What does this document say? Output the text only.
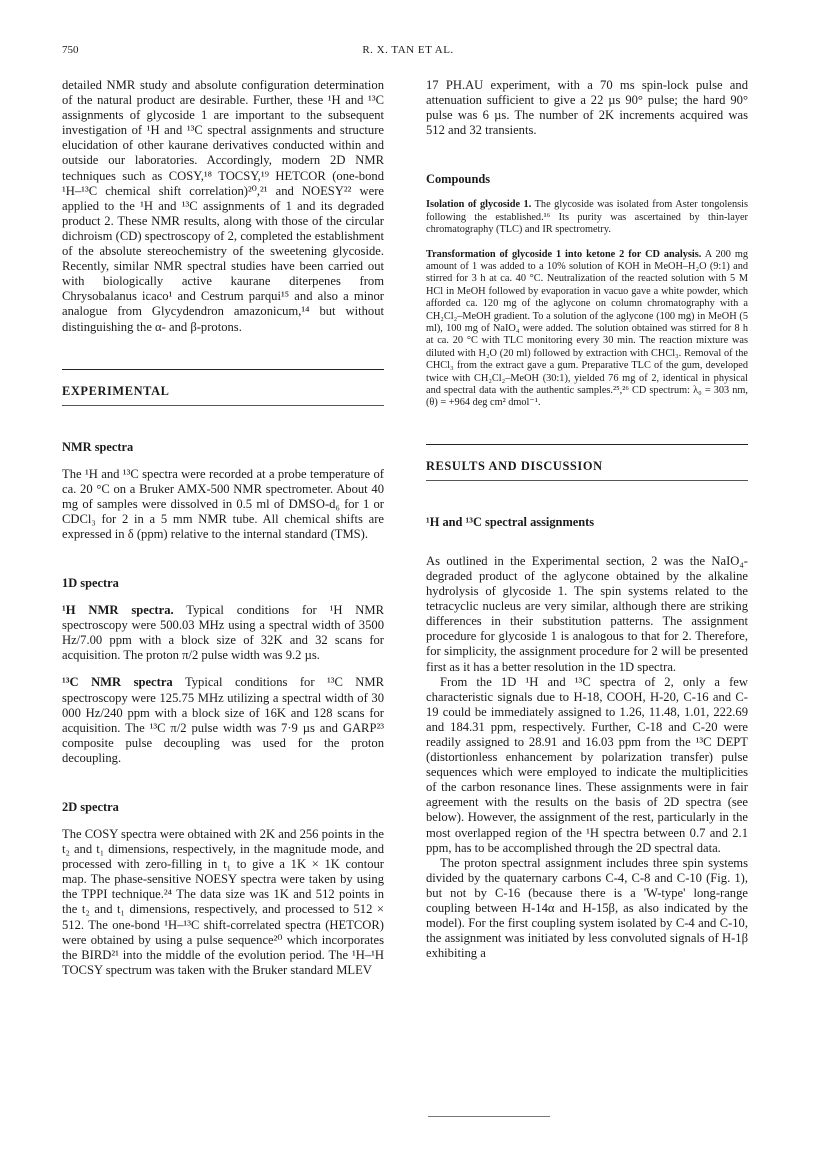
750	R. X. TAN ET AL.

detailed NMR study and absolute configuration determination of the natural product are desirable. Further, these ¹H and ¹³C assignments of glycoside 1 are important to the subsequent investigation of ¹H and ¹³C spectral assignments and structure elucidation of other kaurane derivatives conducted within and outside our laboratories. Accordingly, modern 2D NMR techniques such as COSY,¹⁸ TOCSY,¹⁹ HETCOR (one-bond ¹H–¹³C chemical shift correlation)²⁰,²¹ and NOESY²² were applied to the ¹H and ¹³C assignments of 1 and its degraded product 2. These NMR results, along with those of the circular dichroism (CD) spectroscopy of 2, completed the establishment of the absolute stereochemistry of the sweetening glycoside. Recently, similar NMR spectral studies have been carried out with biologically active kaurane diterpenes from Chrysobalanus icaco¹ and Cestrum parqui¹⁵ and also a minor analogue from Glycydendron amazonicum,¹⁴ but without distinguishing the α- and β-protons.

EXPERIMENTAL
NMR spectra

The ¹H and ¹³C spectra were recorded at a probe temperature of ca. 20 °C on a Bruker AMX-500 NMR spectrometer. About 40 mg of samples were dissolved in 0.5 ml of DMSO-d₆ for 1 or CDCl₃ for 2 in a 5 mm NMR tube. All chemical shifts are expressed in δ (ppm) relative to the internal standard (TMS).

1D spectra

¹H NMR spectra. Typical conditions for ¹H NMR spectroscopy were 500.03 MHz using a spectral width of 3500 Hz/7.00 ppm with a block size of 32K and 32 scans for acquisition. The proton π/2 pulse width was 9.2 µs.

¹³C NMR spectra Typical conditions for ¹³C NMR spectroscopy were 125.75 MHz utilizing a spectral width of 30 000 Hz/240 ppm with a block size of 16K and 128 scans for acquisition. The ¹³C π/2 pulse width was 7·9 µs and GARP²³ composite pulse decoupling was used for the proton decoupling.

2D spectra

The COSY spectra were obtained with 2K and 256 points in the t₂ and t₁ dimensions, respectively, in the magnitude mode, and processed with zero-filling in t₁ to give a 1K × 1K contour map. The phase-sensitive NOESY spectra were taken by using the TPPI technique.²⁴ The data size was 1K and 512 points in the t₂ and t₁ dimensions, respectively, and processed to 512 × 512. The one-bond ¹H–¹³C shift-correlated spectra (HETCOR) were obtained by using a pulse sequence²⁰ which incorporates the BIRD²¹ into the middle of the evolution period. The ¹H–¹H TOCSY spectrum was taken with the Bruker standard MLEV

17 PH.AU experiment, with a 70 ms spin-lock pulse and attenuation sufficient to give a 22 µs 90° pulse; the hard 90° pulse was 6 µs. The number of 2K increments acquired was 512 and 32 transients.

Compounds

Isolation of glycoside 1. The glycoside was isolated from Aster tongolensis following the established.¹⁶ Its purity was ascertained by thin-layer chromatography (TLC) and IR spectrometry.

Transformation of glycoside 1 into ketone 2 for CD analysis. A 200 mg amount of 1 was added to a 10% solution of KOH in MeOH–H₂O (9:1) and stirred for 3 h at ca. 40 °C. Neutralization of the reacted solution with 5 M HCl in MeOH followed by evaporation in vacuo gave a white powder, which afforded ca. 120 mg of the aglycone on column chromatography with a CH₂Cl₂–MeOH gradient. To a solution of the aglycone (100 mg) in MeOH (5 ml), 100 mg of NaIO₄ were added. The solution obtained was stirred for 8 h at ca. 20 °C with TLC monitoring every 30 min. The reaction mixture was diluted with H₂O (20 ml) followed by extraction with CHCl₃. Removal of the CHCl₃ from the extract gave a gum. Preparative TLC of the gum, developed twice with CH₂Cl₂–MeOH (30:1), yielded 76 mg of 2, identical in physical and spectral data with the authentic samples.²⁵,²⁶ CD spectrum: λ₀ = 303 nm, (θ) = +964 deg cm² dmol⁻¹.

RESULTS AND DISCUSSION
¹H and ¹³C spectral assignments

As outlined in the Experimental section, 2 was the NaIO₄-degraded product of the aglycone obtained by the alkaline hydrolysis of glycoside 1. The spin systems related to the tetracyclic nucleus are very similar, although there are striking differences in their substitution patterns. The assignment procedure for glycoside 1 is analogous to that for 2. Therefore, for simplicity, the assignment procedure for 2 will be presented first as it has a better resolution in the 1D spectra.

From the 1D ¹H and ¹³C spectra of 2, only a few characteristic signals due to H-18, COOH, H-20, C-16 and C-19 could be immediately assigned to 1.26, 11.48, 1.01, 222.69 and 184.31 ppm, respectively. Further, C-18 and C-20 were readily assigned to 28.91 and 16.03 ppm from the ¹³C DEPT (distortionless enhancement by polarization transfer) pulse sequences which were employed to indicate the multiplicities of the carbon resonance lines. These assignments were in fair agreement with the results on the basis of 2D spectra (see below). However, the assignment of the rest, particularly in the most overlapped region of the ¹H spectra between 0.7 and 2.1 ppm, has to be accomplished through the 2D spectral data.

The proton spectral assignment includes three spin systems divided by the quaternary carbons C-4, C-8 and C-10 (Fig. 1), but not by C-16 (because there is a 'W-type' long-range coupling between H-14α and H-15β, as also indicated by the model). For the first coupling system isolated by C-4 and C-10, the assignment was initiated by less convoluted signals of H-1β exhibiting a
